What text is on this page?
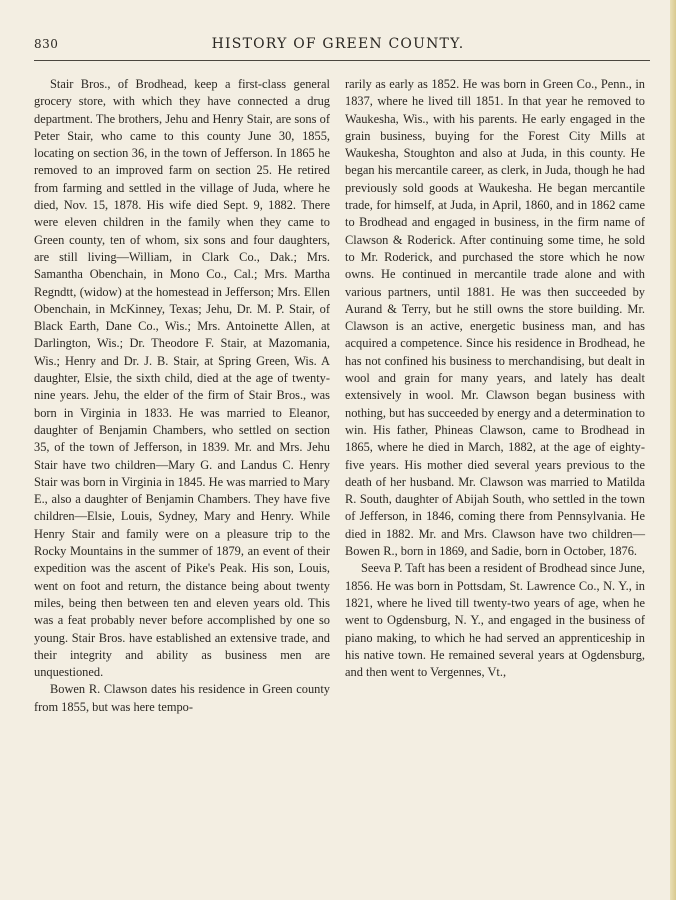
830	HISTORY OF GREEN COUNTY.

Stair Bros., of Brodhead, keep a first-class general grocery store, with which they have connected a drug department. The brothers, Jehu and Henry Stair, are sons of Peter Stair, who came to this county June 30, 1855, locating on section 36, in the town of Jefferson. In 1865 he removed to an improved farm on section 25. He retired from farming and settled in the village of Juda, where he died, Nov. 15, 1878. His wife died Sept. 9, 1882. There were eleven children in the family when they came to Green county, ten of whom, six sons and four daughters, are still living—William, in Clark Co., Dak.; Mrs. Samantha Obenchain, in Mono Co., Cal.; Mrs. Martha Regndtt, (widow) at the homestead in Jefferson; Mrs. Ellen Obenchain, in McKinney, Texas; Jehu, Dr. M. P. Stair, of Black Earth, Dane Co., Wis.; Mrs. Antoinette Allen, at Darlington, Wis.; Dr. Theodore F. Stair, at Mazomania, Wis.; Henry and Dr. J. B. Stair, at Spring Green, Wis. A daughter, Elsie, the sixth child, died at the age of twenty-nine years. Jehu, the elder of the firm of Stair Bros., was born in Virginia in 1833. He was married to Eleanor, daughter of Benjamin Chambers, who settled on section 35, of the town of Jefferson, in 1839. Mr. and Mrs. Jehu Stair have two children—Mary G. and Landus C. Henry Stair was born in Virginia in 1845. He was married to Mary E., also a daughter of Benjamin Chambers. They have five children—Elsie, Louis, Sydney, Mary and Henry. While Henry Stair and family were on a pleasure trip to the Rocky Mountains in the summer of 1879, an event of their expedition was the ascent of Pike's Peak. His son, Louis, went on foot and return, the distance being about twenty miles, being then between ten and eleven years old. This was a feat probably never before accomplished by one so young. Stair Bros. have established an extensive trade, and their integrity and ability as business men are unquestioned.

Bowen R. Clawson dates his residence in Green county from 1855, but was here tempo-

rarily as early as 1852. He was born in Green Co., Penn., in 1837, where he lived till 1851. In that year he removed to Waukesha, Wis., with his parents. He early engaged in the grain business, buying for the Forest City Mills at Waukesha, Stoughton and also at Juda, in this county. He began his mercantile career, as clerk, in Juda, though he had previously sold goods at Waukesha. He began mercantile trade, for himself, at Juda, in April, 1860, and in 1862 came to Brodhead and engaged in business, in the firm name of Clawson & Roderick. After continuing some time, he sold to Mr. Roderick, and purchased the store which he now owns. He continued in mercantile trade alone and with various partners, until 1881. He was then succeeded by Aurand & Terry, but he still owns the store building. Mr. Clawson is an active, energetic business man, and has acquired a competence. Since his residence in Brodhead, he has not confined his business to merchandising, but dealt in wool and grain for many years, and lately has dealt extensively in wool. Mr. Clawson began business with nothing, but has succeeded by energy and a determination to win. His father, Phineas Clawson, came to Brodhead in 1865, where he died in March, 1882, at the age of eighty-five years. His mother died several years previous to the death of her husband. Mr. Clawson was married to Matilda R. South, daughter of Abijah South, who settled in the town of Jefferson, in 1846, coming there from Pennsylvania. He died in 1882. Mr. and Mrs. Clawson have two children—Bowen R., born in 1869, and Sadie, born in October, 1876.

Seeva P. Taft has been a resident of Brodhead since June, 1856. He was born in Pottsdam, St. Lawrence Co., N. Y., in 1821, where he lived till twenty-two years of age, when he went to Ogdensburg, N. Y., and engaged in the business of piano making, to which he had served an apprenticeship in his native town. He remained several years at Ogdensburg, and then went to Vergennes, Vt.,
